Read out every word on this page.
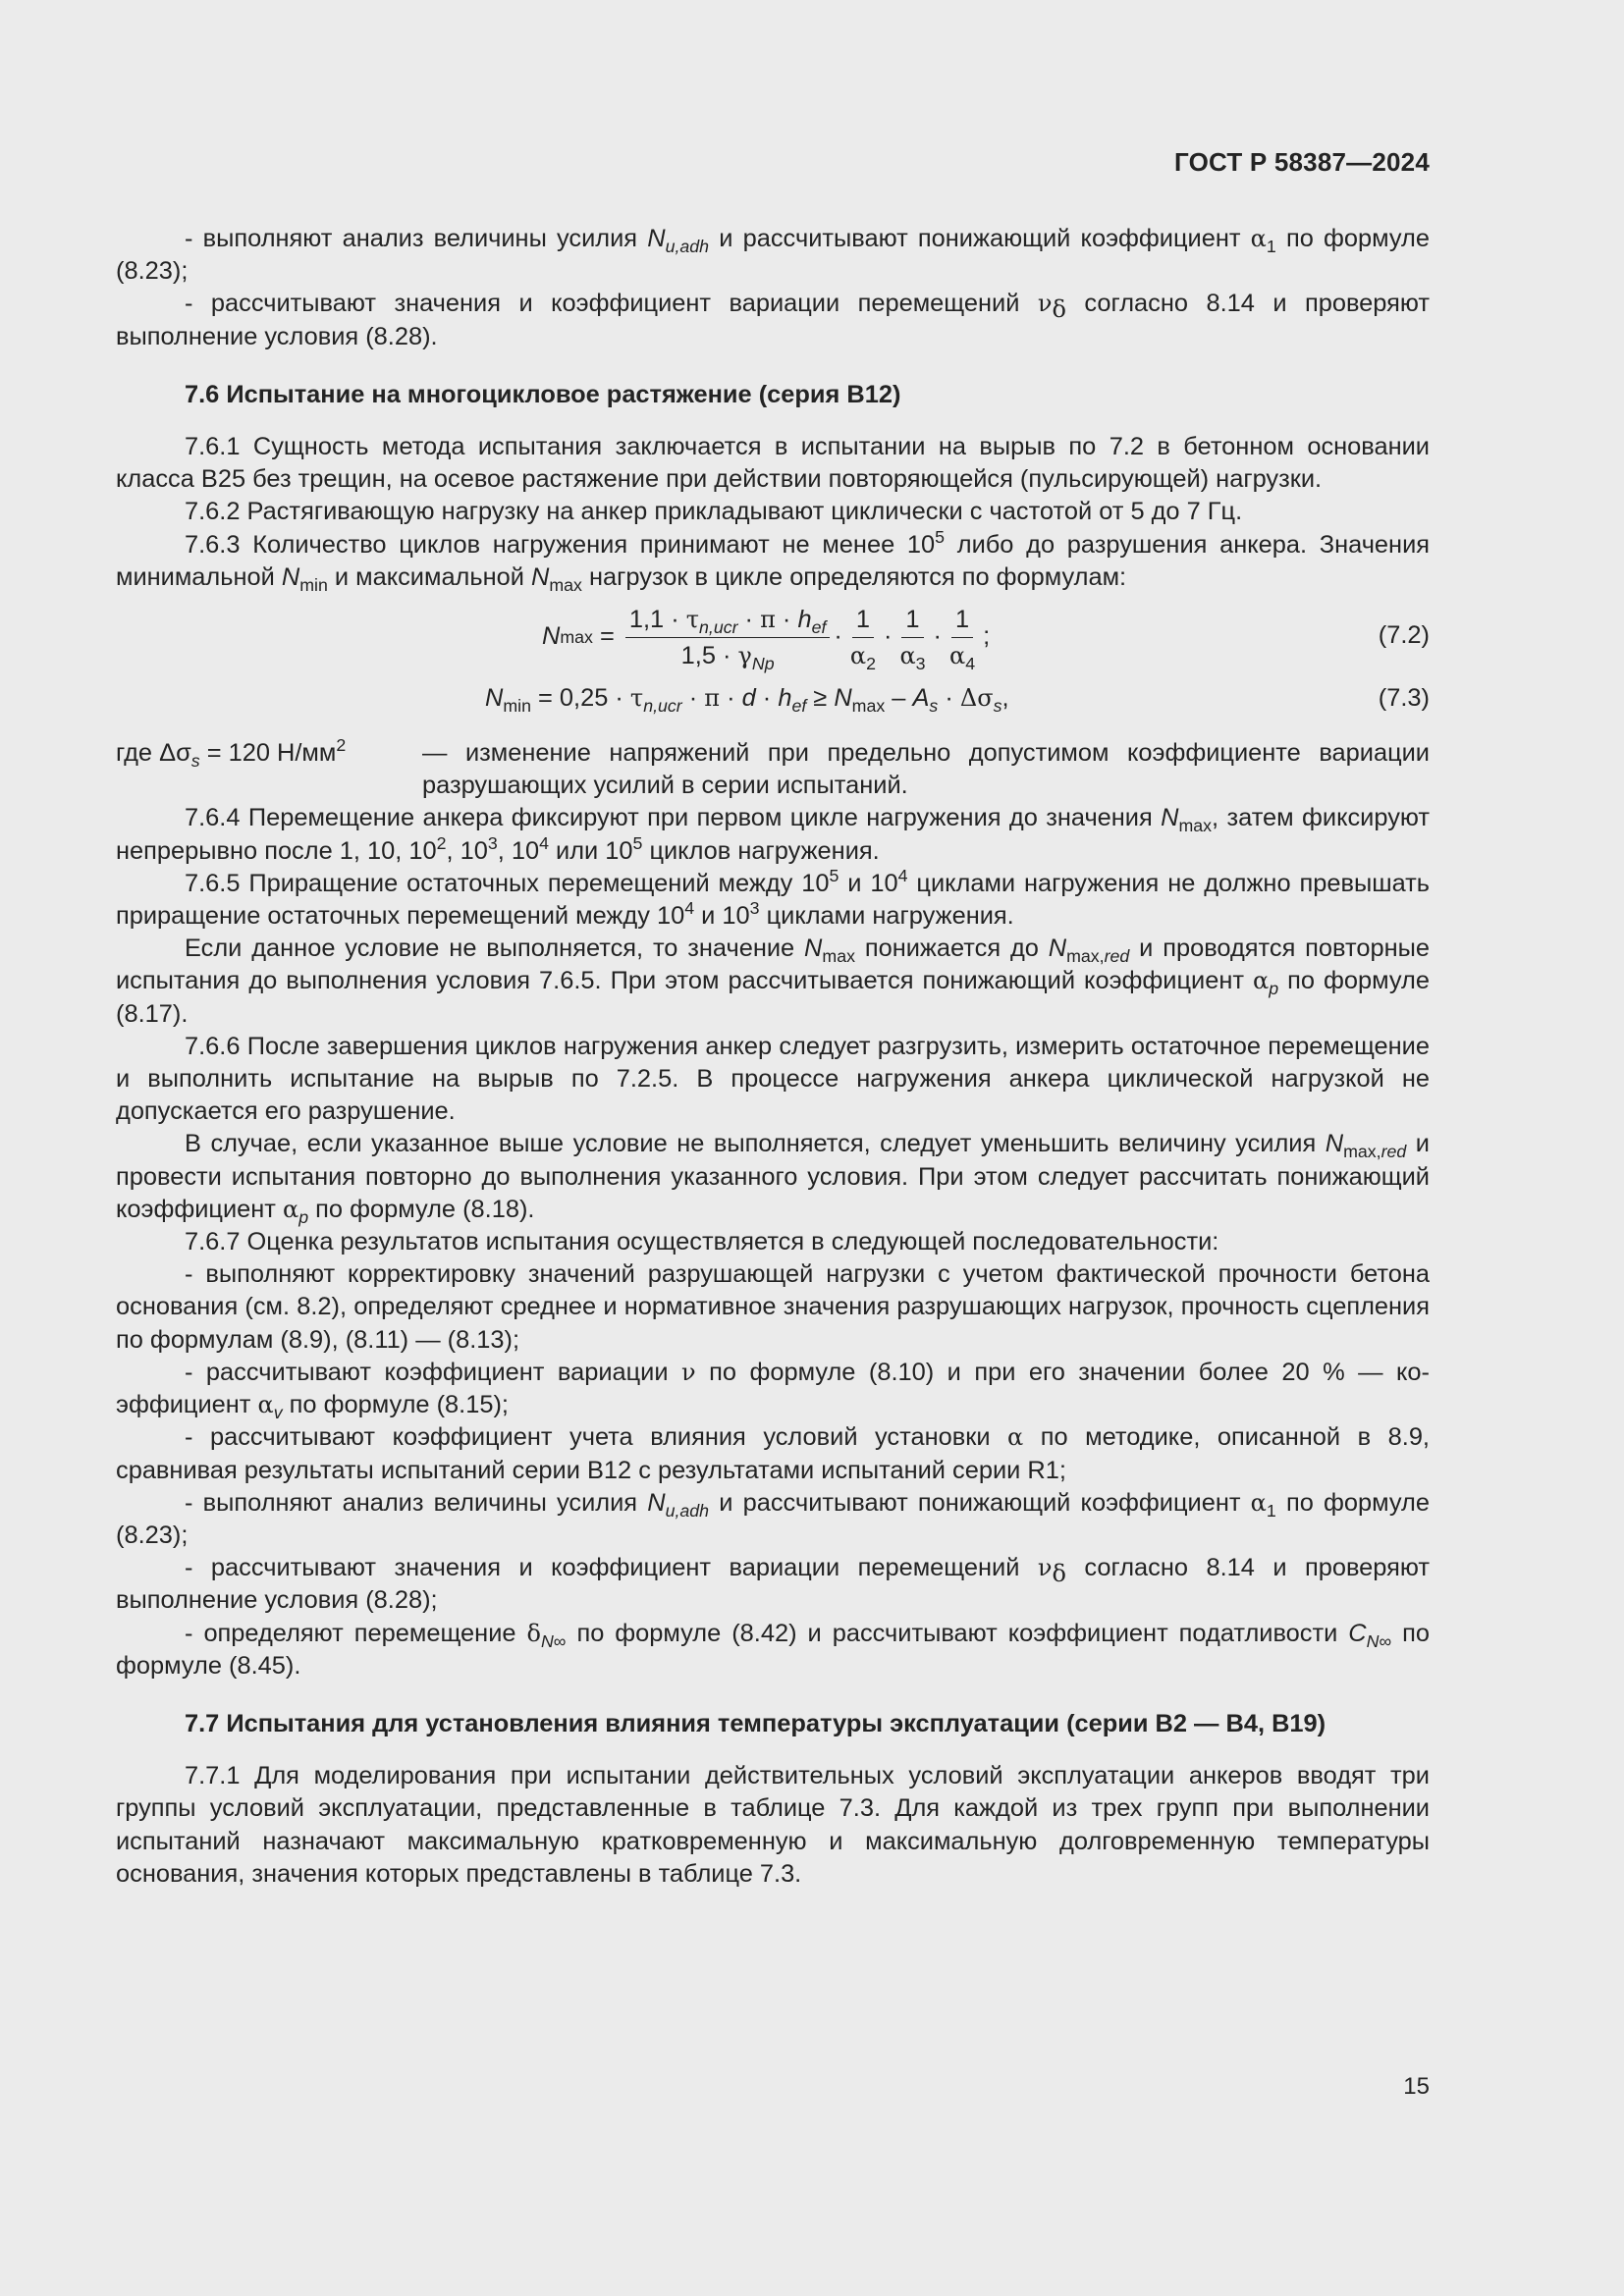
ГОСТ Р 58387—2024

- выполняют анализ величины усилия $N_{u,adh}$ и рассчитывают понижающий коэффициент $\alpha_1$ по формуле (8.23);

- рассчитывают значения и коэффициент вариации перемещений $\nu_\delta$ согласно 8.14 и проверяют выполнение условия (8.28).

7.6 Испытание на многоцикловое растяжение (серия В12)

7.6.1 Сущность метода испытания заключается в испытании на вырыв по 7.2 в бетонном основании класса В25 без трещин, на осевое растяжение при действии повторяющейся (пульсирующей) нагрузки.

7.6.2 Растягивающую нагрузку на анкер прикладывают циклически с частотой от 5 до 7 Гц.

7.6.3 Количество циклов нагружения принимают не менее $10^5$ либо до разрушения анкера. Значения минимальной $N_{min}$ и максимальной $N_{max}$ нагрузок в цикле определяются по формулам:

N $\max = \frac{1,1 \cdot \tau_{n,ucr} \cdot \pi \cdot h_{ef}}{1,5 \cdot \gamma_{Np}} \cdot \frac{1}{\alpha_2} \cdot \frac{1}{\alpha_3} \cdot \frac{1}{\alpha_4}$ ;	(7.2)
$N_{min} = 0,25 \cdot \tau_{n,ucr} \cdot \pi \cdot d \cdot h_{ef} \ge N_{max} - A_s \cdot \Delta\sigma_s$,	(7.3)
где $\Delta\sigma_s = 120$ $Н/мм^2$	— изменение напряжений при предельно допустимом коэффициенте вариации разрушающих усилий в серии испытаний.

7.6.4 Перемещение анкера фиксируют при первом цикле нагружения до значения $N_{max}$, затем фиксируют непрерывно после 1, 10, $10^2$, $10^3$, $10^4$ или $10^5$ циклов нагружения.

7.6.5 Приращение остаточных перемещений между $10^5$ и $10^4$ циклами нагружения не должно превышать приращение остаточных перемещений между $10^4$ и $10^3$ циклами нагружения.

Если данное условие не выполняется, то значение $N_{max}$ понижается до $N_{max,red}$ и проводятся повторные испытания до выполнения условия 7.6.5. При этом рассчитывается понижающий коэффициент $\alpha_p$ по формуле (8.17).

7.6.6 После завершения циклов нагружения анкер следует разгрузить, измерить остаточное перемещение и выполнить испытание на вырыв по 7.2.5. В процессе нагружения анкера циклической нагрузкой не допускается его разрушение.

В случае, если указанное выше условие не выполняется, следует уменьшить величину усилия $N_{max,red}$ и провести испытания повторно до выполнения указанного условия. При этом следует рассчитать понижающий коэффициент $\alpha_p$ по формуле (8.18).

7.6.7 Оценка результатов испытания осуществляется в следующей последовательности:

- выполняют корректировку значений разрушающей нагрузки с учетом фактической прочности бетона основания (см. 8.2), определяют среднее и нормативное значения разрушающих нагрузок, прочность сцепления по формулам (8.9), (8.11) — (8.13);

- рассчитывают коэффициент вариации ν по формуле (8.10) и при его значении более 20 % — коэффициент $\alpha_v$ по формуле (8.15);

- рассчитывают коэффициент учета влияния условий установки α по методике, описанной в 8.9, сравнивая результаты испытаний серии В12 с результатами испытаний серии R1;

- выполняют анализ величины усилия $N_{u,adh}$ и рассчитывают понижающий коэффициент $\alpha_1$ по формуле (8.23);

- рассчитывают значения и коэффициент вариации перемещений $\nu_\delta$ согласно 8.14 и проверяют выполнение условия (8.28);

- определяют перемещение $\delta_{N\infty}$ по формуле (8.42) и рассчитывают коэффициент податливости $C_{N\infty}$ по формуле (8.45).

7.7 Испытания для установления влияния температуры эксплуатации (серии В2 — В4, В19)

7.7.1 Для моделирования при испытании действительных условий эксплуатации анкеров вводят три группы условий эксплуатации, представленные в таблице 7.3. Для каждой из трех групп при выполнении испытаний назначают максимальную кратковременную и максимальную долговременную температуры основания, значения которых представлены в таблице 7.3.

15
